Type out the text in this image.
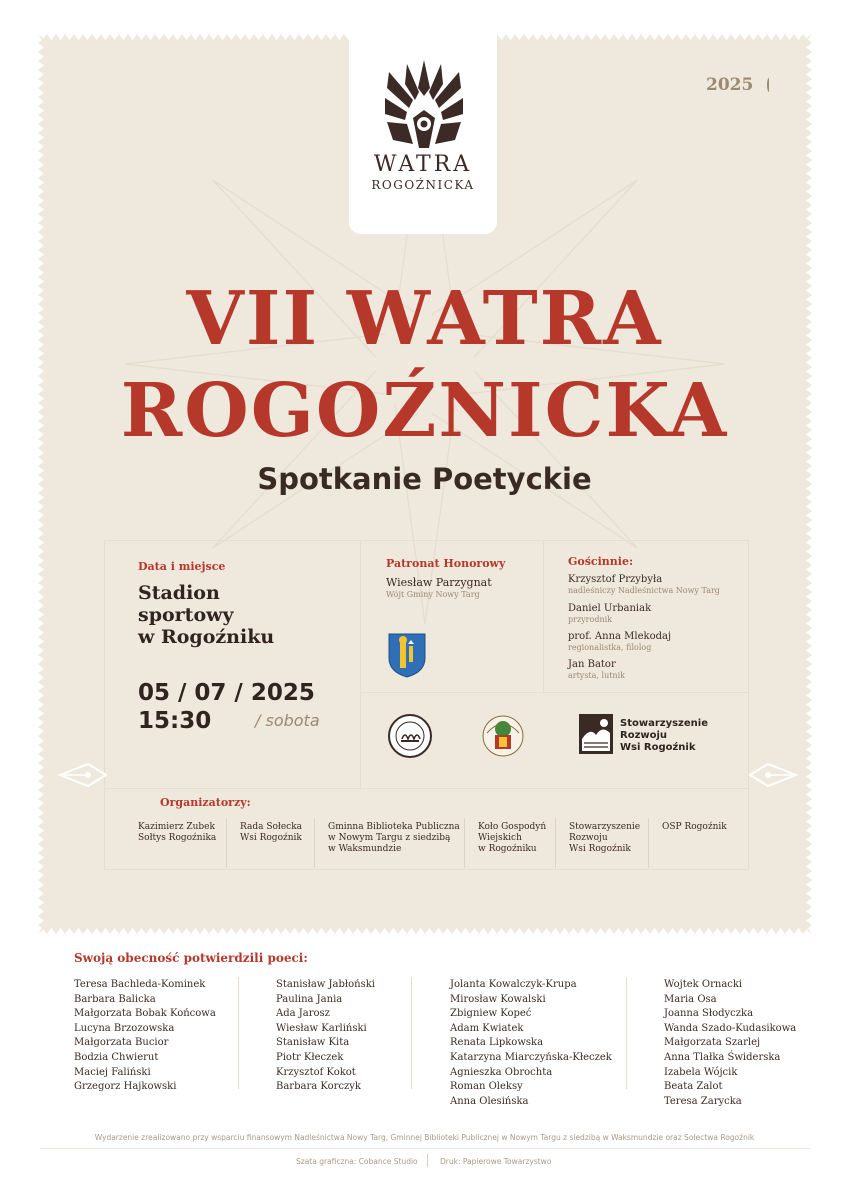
WATRA
ROGOŹNICKA
2025
VII WATRA
ROGOŹNICKA
Spotkanie Poetyckie
Data i miejsce
Stadion
sportowy
w Rogoźniku
05 / 07 / 2025
15:30	/ sobota
Patronat Honorowy
Wiesław Parzygnat
Wójt Gminy Nowy Targ
Gościnnie:
Krzysztof Przybyła
nadleśniczy Nadleśnictwa Nowy Targ
Daniel Urbaniak
przyrodnik
prof. Anna Mlekodaj
regionalistka, filolog
Jan Bator
artysta, lutnik
Stowarzyszenie
Rozwoju
Wsi Rogoźnik
Organizatorzy:
Kazimierz Zubek
Sołtys Rogoźnika
Rada Sołecka
Wsi Rogoźnik
Gminna Biblioteka Publiczna
w Nowym Targu z siedzibą
w Waksmundzie
Koło Gospodyń
Wiejskich
w Rogoźniku
Stowarzyszenie
Rozwoju
Wsi Rogoźnik
OSP Rogoźnik
Swoją obecność potwierdzili poeci:
Teresa Bachleda-Kominek
Barbara Balicka
Małgorzata Bobak Końcowa
Lucyna Brzozowska
Małgorzata Bucior
Bodzia Chwierut
Maciej Faliński
Grzegorz Hajkowski
Stanisław Jabłoński
Paulina Jania
Ada Jarosz
Wiesław Karliński
Stanisław Kita
Piotr Kłeczek
Krzysztof Kokot
Barbara Korczyk
Jolanta Kowalczyk-Krupa
Mirosław Kowalski
Zbigniew Kopeć
Adam Kwiatek
Renata Lipkowska
Katarzyna Miarczyńska-Kłeczek
Agnieszka Obrochta
Roman Oleksy
Anna Olesińska
Wojtek Ornacki
Maria Osa
Joanna Słodyczka
Wanda Szado-Kudasikowa
Małgorzata Szarlej
Anna Tlałka Świderska
Izabela Wójcik
Beata Zalot
Teresa Zarycka
Wydarzenie zrealizowano przy wsparciu finansowym Nadleśnictwa Nowy Targ, Gminnej Biblioteki Publicznej w Nowym Targu z siedzibą w Waksmundzie oraz Sołectwa Rogoźnik
Szata graficzna: Cobance Studio	Druk: Papierowe Towarzystwo
